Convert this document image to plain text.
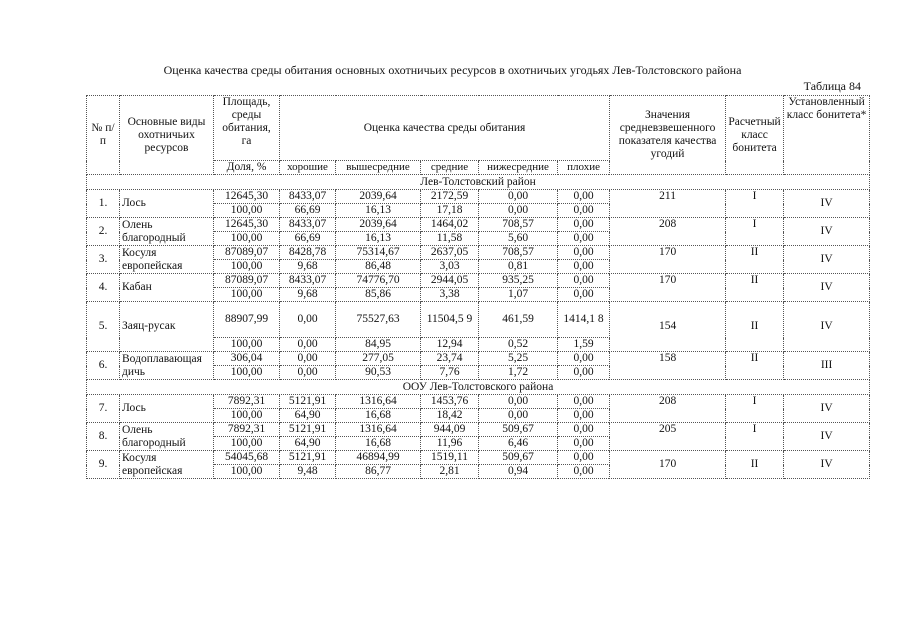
Оценка качества среды обитания основных охотничьих ресурсов в охотничьих угодьях Лев-Толстовского района
Таблица 84
№ п/п	Основные виды охотничьих ресурсов	Площадь, среды обитания, га	Оценка качества среды обитания					Значения средневзвешенного показателя качества угодий	Расчетный класс бонитета	Установленный класс бонитета*
		Доля, %	хорошие	вышесредние	средние	нижесредние	плохие			
Лев-Толстовский район										
1.	Лось	12645,30	8433,07	2039,64	2172,59	0,00	0,00	211	I	IV
		100,00	66,69	16,13	17,18	0,00	0,00			
2.	Олень благородный	12645,30	8433,07	2039,64	1464,02	708,57	0,00	208	I	IV
		100,00	66,69	16,13	11,58	5,60	0,00			
3.	Косуля европейская	87089,07	8428,78	75314,67	2637,05	708,57	0,00	170	II	IV
		100,00	9,68	86,48	3,03	0,81	0,00			
4.	Кабан	87089,07	8433,07	74776,70	2944,05	935,25	0,00	170	II	IV
		100,00	9,68	85,86	3,38	1,07	0,00			
5.	Заяц-русак	88907,99	0,00	75527,63	11504,5 9	461,59	1414,1 8	154	II	IV
		100,00	0,00	84,95	12,94	0,52	1,59			
6.	Водоплавающая дичь	306,04	0,00	277,05	23,74	5,25	0,00	158	II	III
		100,00	0,00	90,53	7,76	1,72	0,00			
ООУ Лев-Толстовского района										
7.	Лось	7892,31	5121,91	1316,64	1453,76	0,00	0,00	208	I	IV
		100,00	64,90	16,68	18,42	0,00	0,00			
8.	Олень благородный	7892,31	5121,91	1316,64	944,09	509,67	0,00	205	I	IV
		100,00	64,90	16,68	11,96	6,46	0,00			
9.	Косуля европейская	54045,68	5121,91	46894,99	1519,11	509,67	0,00	170	II	IV
		100,00	9,48	86,77	2,81	0,94	0,00			
